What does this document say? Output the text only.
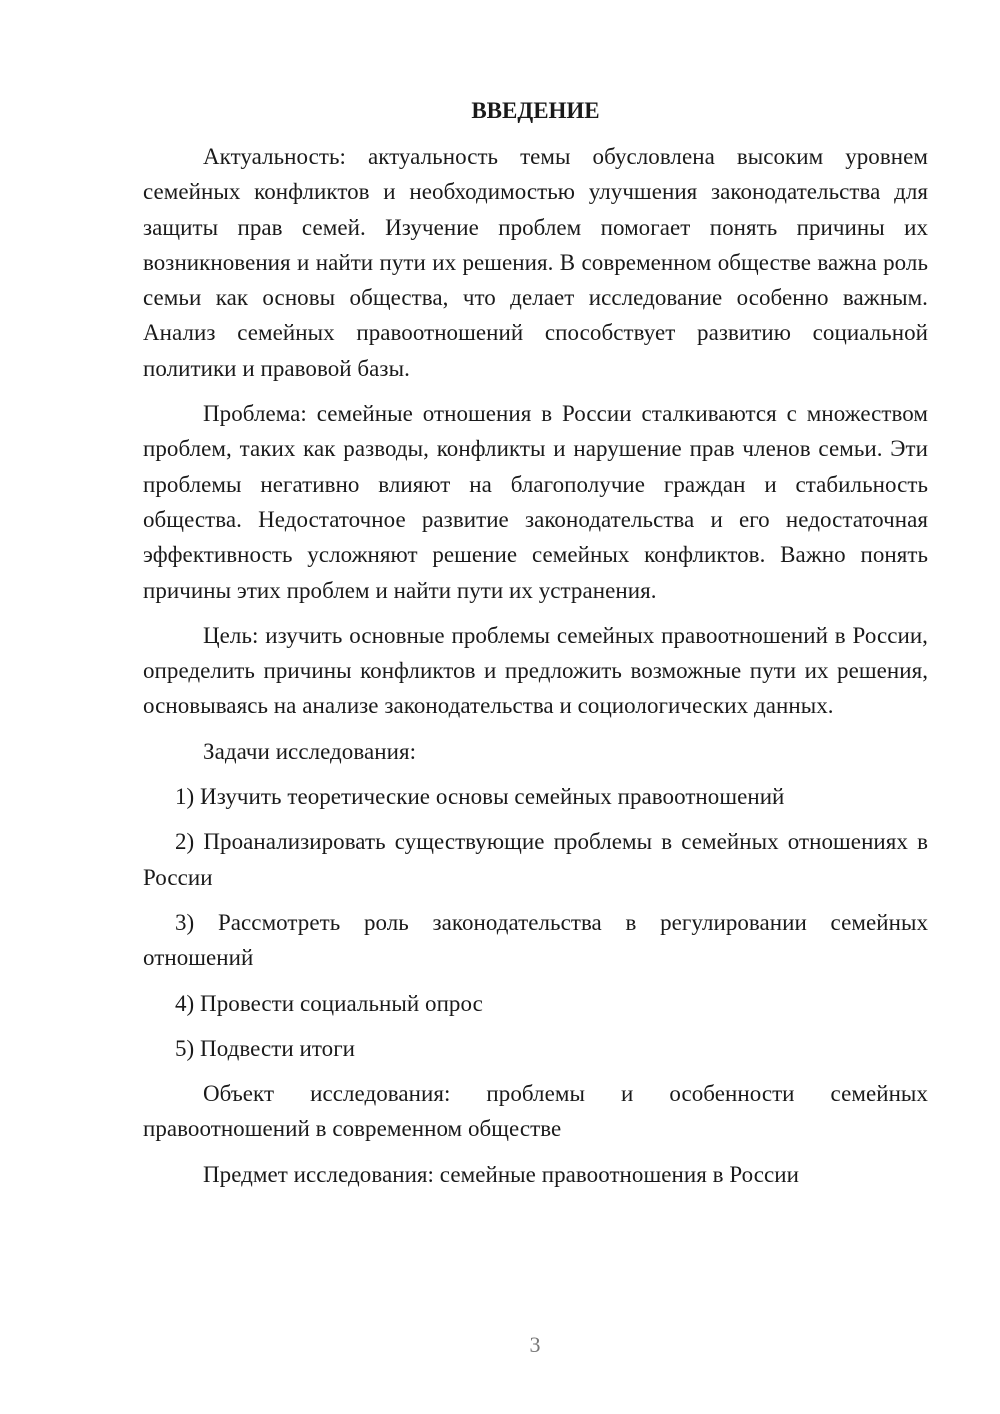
ВВЕДЕНИЕ

Актуальность: актуальность темы обусловлена высоким уровнем семейных конфликтов и необходимостью улучшения законодательства для защиты прав семей. Изучение проблем помогает понять причины их возникновения и найти пути их решения. В современном обществе важна роль семьи как основы общества, что делает исследование особенно важным. Анализ семейных правоотношений способствует развитию социальной политики и правовой базы.

Проблема: семейные отношения в России сталкиваются с множеством проблем, таких как разводы, конфликты и нарушение прав членов семьи. Эти проблемы негативно влияют на благополучие граждан и стабильность общества. Недостаточное развитие законодательства и его недостаточная эффективность усложняют решение семейных конфликтов. Важно понять причины этих проблем и найти пути их устранения.

Цель: изучить основные проблемы семейных правоотношений в России, определить причины конфликтов и предложить возможные пути их решения, основываясь на анализе законодательства и социологических данных.

Задачи исследования:

1) Изучить теоретические основы семейных правоотношений

2) Проанализировать существующие проблемы в семейных отношениях в России

3) Рассмотреть роль законодательства в регулировании семейных отношений

4) Провести социальный опрос

5) Подвести итоги

Объект исследования: проблемы и особенности семейных правоотношений в современном обществе

Предмет исследования: семейные правоотношения в России

3
